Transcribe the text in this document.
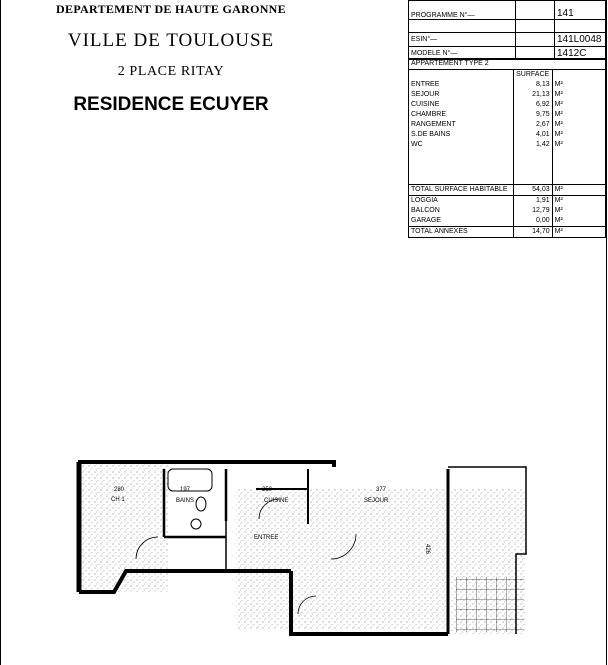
DEPARTEMENT DE HAUTE GARONNE
VILLE DE TOULOUSE
2 PLACE RITAY
RESIDENCE ECUYER
PROGRAMME N°—		141

ESIN°—		141L0048
MODELE N°—		1412C
APPARTEMENT TYPE 2		
	SURFACE	
ENTREE	8,13	M²
SEJOUR	21,13	M²
CUISINE	6,92	M²
CHAMBRE	9,75	M²
RANGEMENT	2,67	M²
S.DE BAINS	4,01	M²
WC	1,42	M²

TOTAL SURFACE HABITABLE	54,03	M²
LOGGIA	1,91	M²
BALCON	12,79	M²
GARAGE	0,00	M²
TOTAL ANNEXES	14,70	M²
CH 1	BAINS	CUISINE	SEJOUR
ENTREE
280	197	250	377
426
